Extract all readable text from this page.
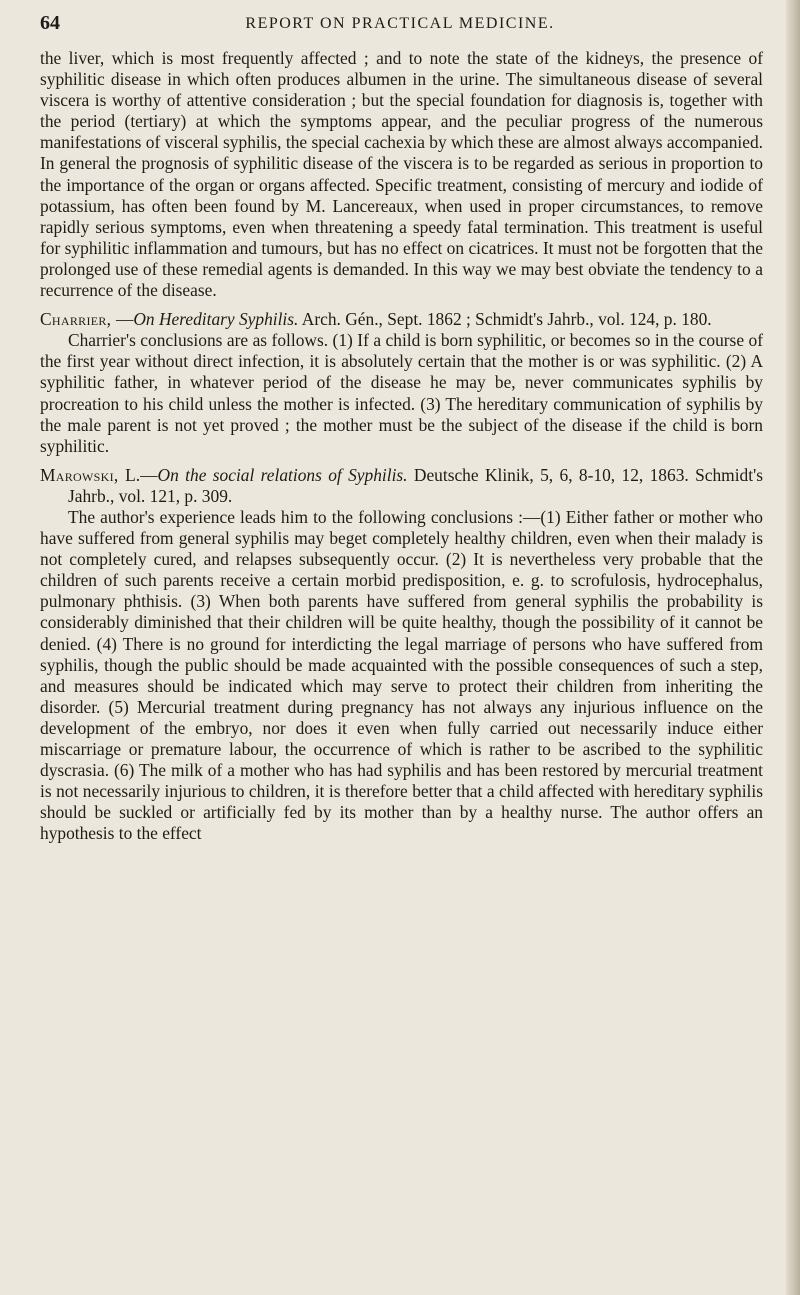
64	REPORT ON PRACTICAL MEDICINE.

the liver, which is most frequently affected ; and to note the state of the kidneys, the presence of syphilitic disease in which often produces albumen in the urine. The simultaneous disease of several viscera is worthy of attentive consideration ; but the special foundation for diagnosis is, together with the period (tertiary) at which the symptoms appear, and the peculiar progress of the numerous manifestations of visceral syphilis, the special cachexia by which these are almost always accompanied. In general the prognosis of syphilitic disease of the viscera is to be regarded as serious in proportion to the importance of the organ or organs affected. Specific treatment, consisting of mercury and iodide of potassium, has often been found by M. Lancereaux, when used in proper circumstances, to remove rapidly serious symptoms, even when threatening a speedy fatal termination. This treatment is useful for syphilitic inflammation and tumours, but has no effect on cicatrices. It must not be forgotten that the prolonged use of these remedial agents is demanded. In this way we may best obviate the tendency to a recurrence of the disease.

Charrier, —On Hereditary Syphilis. Arch. Gén., Sept. 1862 ; Schmidt's Jahrb., vol. 124, p. 180.

Charrier's conclusions are as follows. (1) If a child is born syphilitic, or becomes so in the course of the first year without direct infection, it is absolutely certain that the mother is or was syphilitic. (2) A syphilitic father, in whatever period of the disease he may be, never communicates syphilis by procreation to his child unless the mother is infected. (3) The hereditary communication of syphilis by the male parent is not yet proved ; the mother must be the subject of the disease if the child is born syphilitic.

Marowski, L.—On the social relations of Syphilis. Deutsche Klinik, 5, 6, 8-10, 12, 1863. Schmidt's Jahrb., vol. 121, p. 309.

The author's experience leads him to the following conclusions :—(1) Either father or mother who have suffered from general syphilis may beget completely healthy children, even when their malady is not completely cured, and relapses subsequently occur. (2) It is nevertheless very probable that the children of such parents receive a certain morbid predisposition, e. g. to scrofulosis, hydrocephalus, pulmonary phthisis. (3) When both parents have suffered from general syphilis the probability is considerably diminished that their children will be quite healthy, though the possibility of it cannot be denied. (4) There is no ground for interdicting the legal marriage of persons who have suffered from syphilis, though the public should be made acquainted with the possible consequences of such a step, and measures should be indicated which may serve to protect their children from inheriting the disorder. (5) Mercurial treatment during pregnancy has not always any injurious influence on the development of the embryo, nor does it even when fully carried out necessarily induce either miscarriage or premature labour, the occurrence of which is rather to be ascribed to the syphilitic dyscrasia. (6) The milk of a mother who has had syphilis and has been restored by mercurial treatment is not necessarily injurious to children, it is therefore better that a child affected with hereditary syphilis should be suckled or artificially fed by its mother than by a healthy nurse. The author offers an hypothesis to the effect
